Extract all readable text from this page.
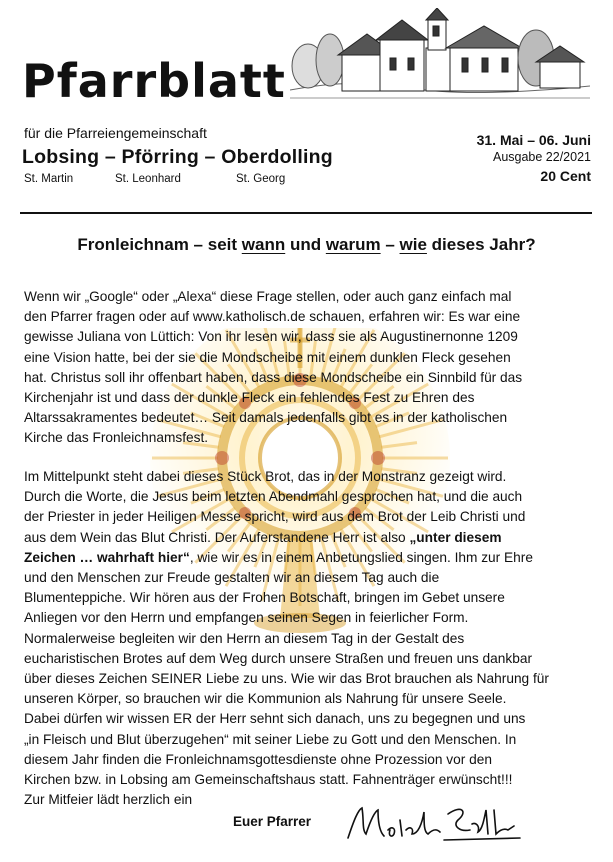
Pfarrblatt
für die Pfarreiengemeinschaft
Lobsing – Pförring – Oberdolling
St. Martin	St. Leonhard	St. Georg
31. Mai – 06. Juni
Ausgabe 22/2021
20 Cent
Fronleichnam – seit wann und warum – wie dieses Jahr?
Wenn wir „Google“ oder „Alexa“ diese Frage stellen, oder auch ganz einfach mal
den Pfarrer fragen oder auf www.katholisch.de schauen, erfahren wir: Es war eine
gewisse Juliana von Lüttich: Von ihr lesen wir, dass sie als Augustinernonne 1209
eine Vision hatte, bei der sie die Mondscheibe mit einem dunklen Fleck gesehen
hat. Christus soll ihr offenbart haben, dass diese Mondscheibe ein Sinnbild für das
Kirchenjahr ist und dass der dunkle Fleck ein fehlendes Fest zu Ehren des
Altarssakramentes bedeutet… Seit damals jedenfalls gibt es in der katholischen
Kirche das Fronleichnamsfest.
Im Mittelpunkt steht dabei dieses Stück Brot, das in der Monstranz gezeigt wird.
Durch die Worte, die Jesus beim letzten Abendmahl gesprochen hat, und die auch
der Priester in jeder Heiligen Messe spricht, wird aus dem Brot der Leib Christi und
aus dem Wein das Blut Christi. Der Auferstandene Herr ist also „unter diesem
Zeichen … wahrhaft hier“, wie wir es in einem Anbetungslied singen. Ihm zur Ehre
und den Menschen zur Freude gestalten wir an diesem Tag auch die
Blumenteppiche. Wir hören aus der Frohen Botschaft, bringen im Gebet unsere
Anliegen vor den Herrn und empfangen seinen Segen in feierlicher Form.
Normalerweise begleiten wir den Herrn an diesem Tag in der Gestalt des
eucharistischen Brotes auf dem Weg durch unsere Straßen und freuen uns dankbar
über dieses Zeichen SEINER Liebe zu uns. Wie wir das Brot brauchen als Nahrung für
unseren Körper, so brauchen wir die Kommunion als Nahrung für unsere Seele.
Dabei dürfen wir wissen ER der Herr sehnt sich danach, uns zu begegnen und uns
„in Fleisch und Blut überzugehen“ mit seiner Liebe zu Gott und den Menschen. In
diesem Jahr finden die Fronleichnamsgottesdienste ohne Prozession vor den
Kirchen bzw. in Lobsing am Gemeinschaftshaus statt. Fahnenträger erwünscht!!!
Zur Mitfeier lädt herzlich ein
Euer Pfarrer
